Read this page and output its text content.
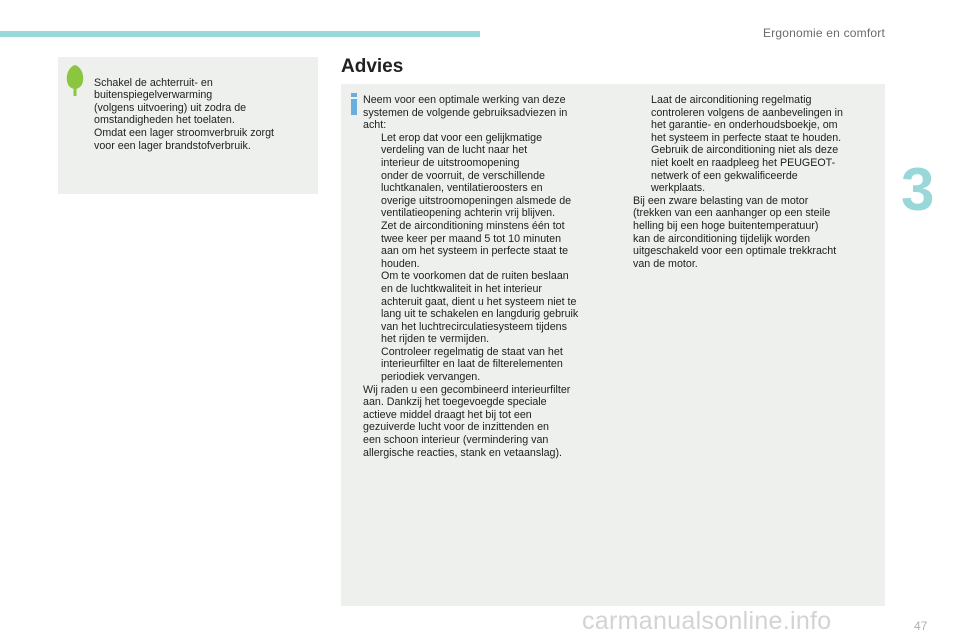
Ergonomie en comfort
3

Schakel de achterruit- en
buitenspiegelverwarming
(volgens uitvoering) uit zodra de
omstandigheden het toelaten.
Omdat een lager stroomverbruik zorgt
voor een lager brandstofverbruik.

Advies

Neem voor een optimale werking van deze
systemen de volgende gebruiksadviezen in
acht:

Let erop dat voor een gelijkmatige
verdeling van de lucht naar het
interieur de uitstroomopening
onder de voorruit, de verschillende
luchtkanalen, ventilatieroosters en
overige uitstroomopeningen alsmede de
ventilatieopening achterin vrij blijven.

Zet de airconditioning minstens één tot
twee keer per maand 5 tot 10 minuten
aan om het systeem in perfecte staat te
houden.

Om te voorkomen dat de ruiten beslaan
en de luchtkwaliteit in het interieur
achteruit gaat, dient u het systeem niet te
lang uit te schakelen en langdurig gebruik
van het luchtrecirculatiesysteem tijdens
het rijden te vermijden.

Controleer regelmatig de staat van het
interieurfilter en laat de filterelementen
periodiek vervangen.

Wij raden u een gecombineerd interieurfilter
aan. Dankzij het toegevoegde speciale
actieve middel draagt het bij tot een
gezuiverde lucht voor de inzittenden en
een schoon interieur (vermindering van
allergische reacties, stank en vetaanslag).

Laat de airconditioning regelmatig
controleren volgens de aanbevelingen in
het garantie- en onderhoudsboekje, om
het systeem in perfecte staat te houden.

Gebruik de airconditioning niet als deze
niet koelt en raadpleeg het PEUGEOT-
netwerk of een gekwalificeerde
werkplaats.

Bij een zware belasting van de motor
(trekken van een aanhanger op een steile
helling bij een hoge buitentemperatuur)
kan de airconditioning tijdelijk worden
uitgeschakeld voor een optimale trekkracht
van de motor.

carmanualsonline.info	47
